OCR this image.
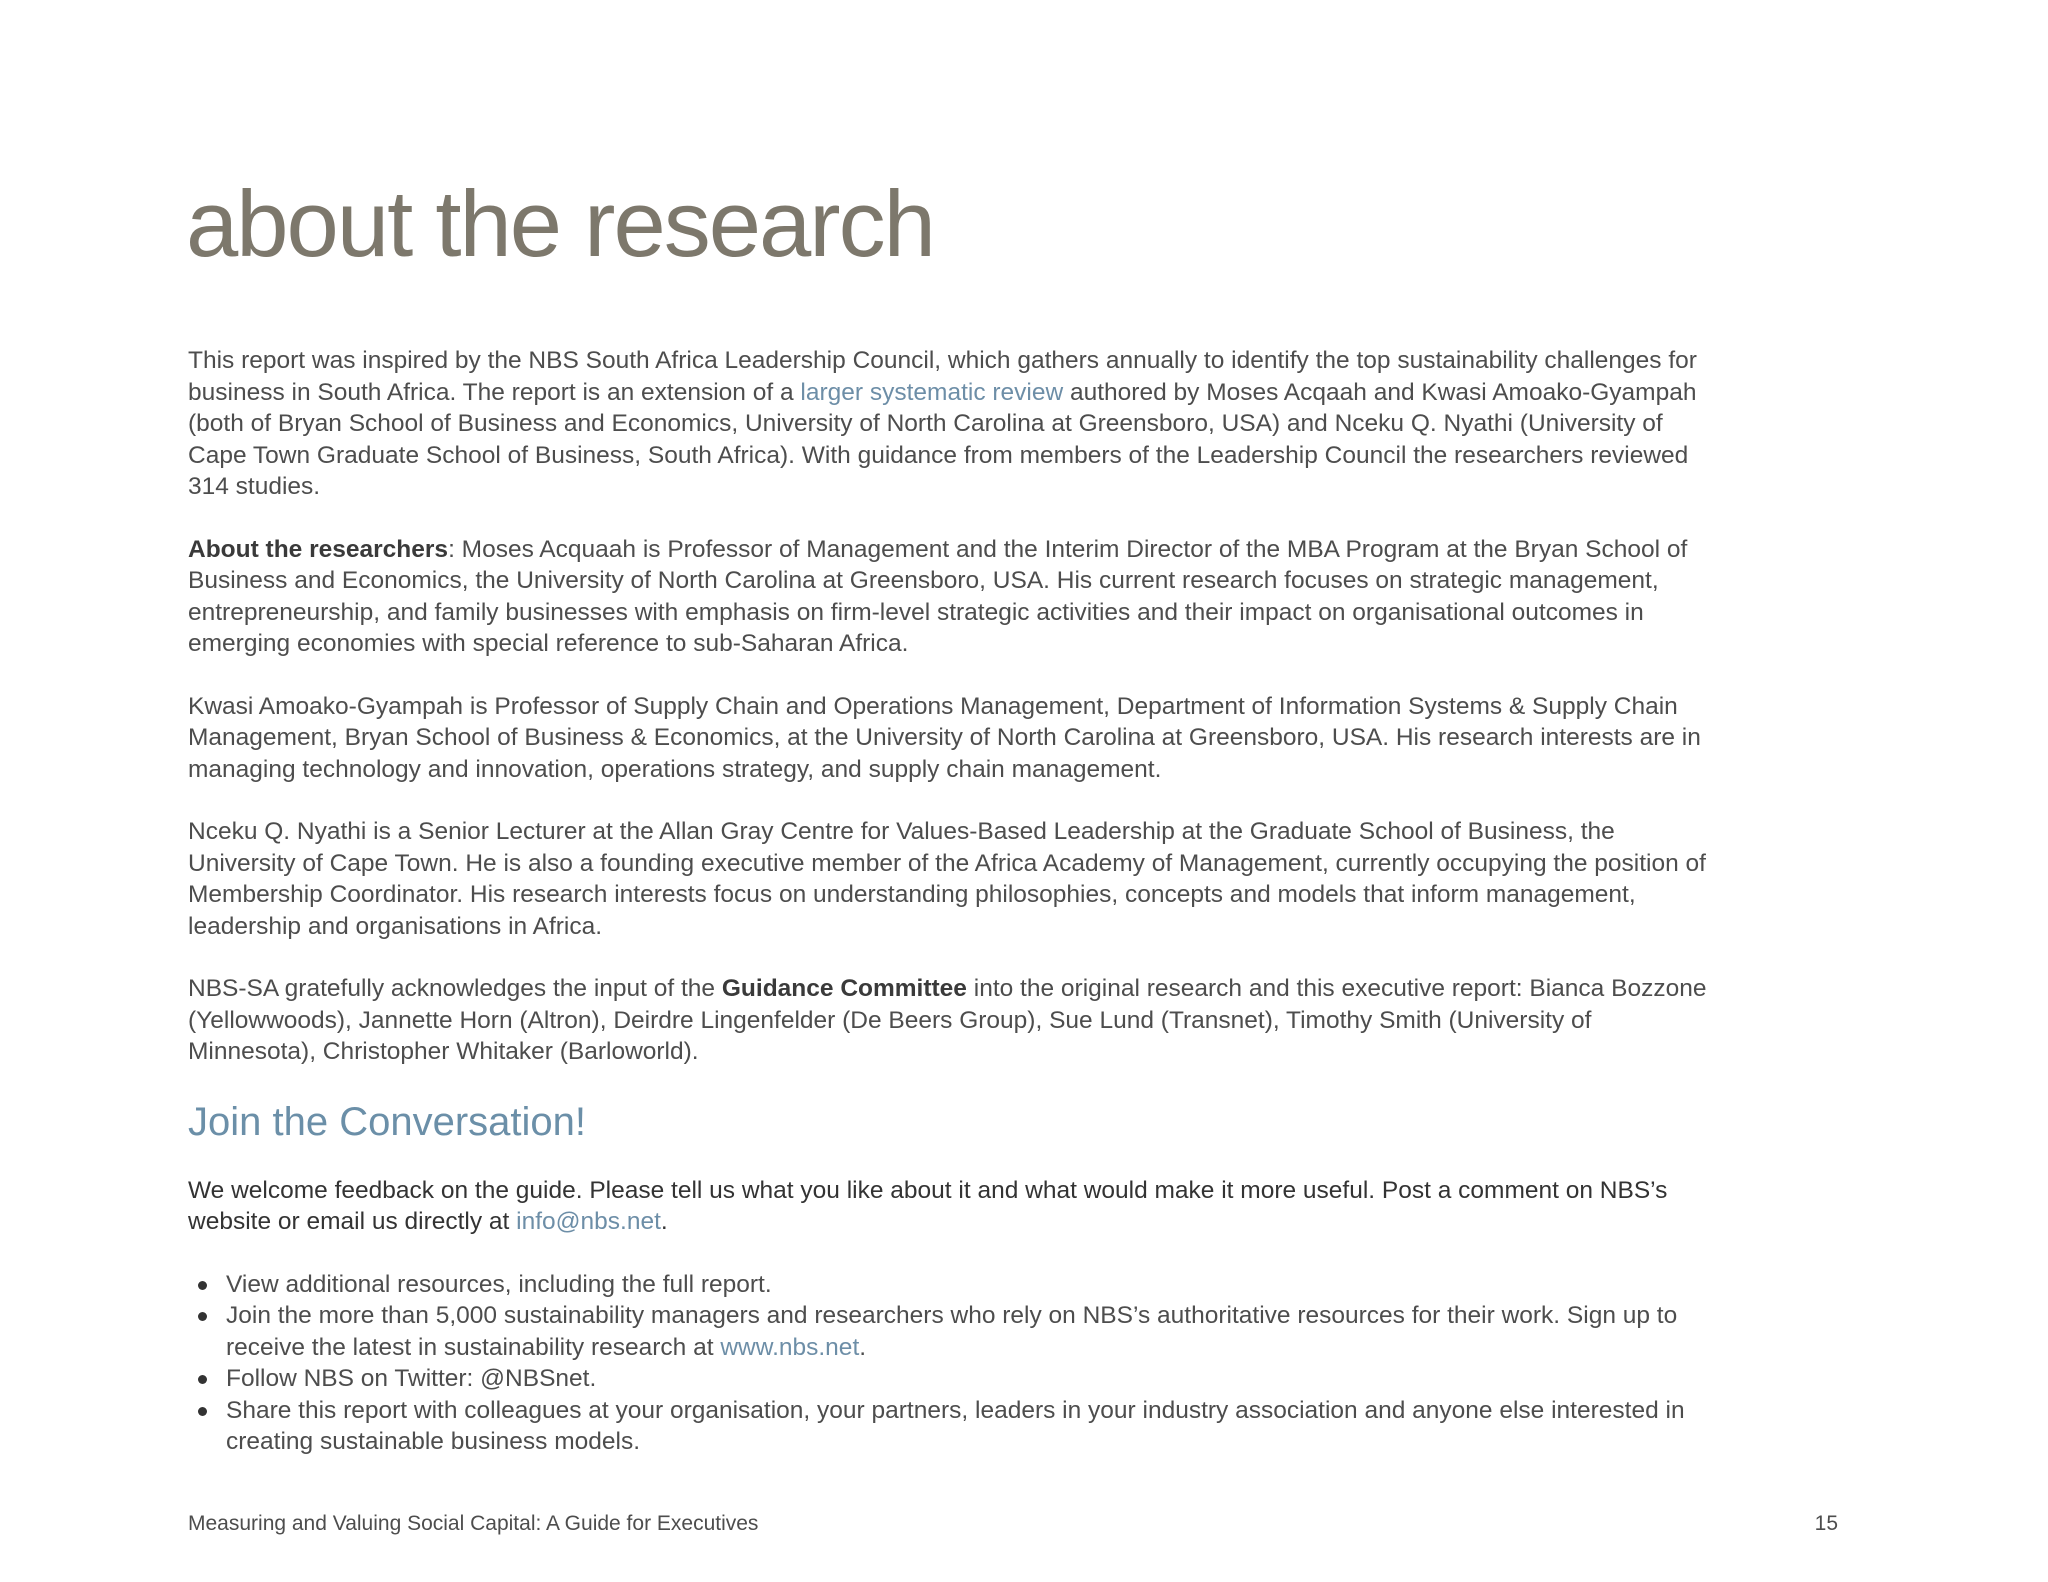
about the research

This report was inspired by the NBS South Africa Leadership Council, which gathers annually to identify the top sustainability challenges for business in South Africa. The report is an extension of a larger systematic review authored by Moses Acqaah and Kwasi Amoako-Gyampah (both of Bryan School of Business and Economics, University of North Carolina at Greensboro, USA) and Nceku Q. Nyathi (University of Cape Town Graduate School of Business, South Africa). With guidance from members of the Leadership Council the researchers reviewed 314 studies.

About the researchers: Moses Acquaah is Professor of Management and the Interim Director of the MBA Program at the Bryan School of Business and Economics, the University of North Carolina at Greensboro, USA. His current research focuses on strategic management, entrepreneurship, and family businesses with emphasis on firm-level strategic activities and their impact on organisational outcomes in emerging economies with special reference to sub-Saharan Africa.

Kwasi Amoako-Gyampah is Professor of Supply Chain and Operations Management, Department of Information Systems & Supply Chain Management, Bryan School of Business & Economics, at the University of North Carolina at Greensboro, USA. His research interests are in managing technology and innovation, operations strategy, and supply chain management.

Nceku Q. Nyathi is a Senior Lecturer at the Allan Gray Centre for Values-Based Leadership at the Graduate School of Business, the University of Cape Town. He is also a founding executive member of the Africa Academy of Management, currently occupying the position of Membership Coordinator. His research interests focus on understanding philosophies, concepts and models that inform management, leadership and organisations in Africa.

NBS-SA gratefully acknowledges the input of the Guidance Committee into the original research and this executive report: Bianca Bozzone (Yellowwoods), Jannette Horn (Altron), Deirdre Lingenfelder (De Beers Group), Sue Lund (Transnet), Timothy Smith (University of Minnesota), Christopher Whitaker (Barloworld).

Join the Conversation!

We welcome feedback on the guide. Please tell us what you like about it and what would make it more useful. Post a comment on NBS’s website or email us directly at info@nbs.net.

View additional resources, including the full report.
Join the more than 5,000 sustainability managers and researchers who rely on NBS’s authoritative resources for their work. Sign up to receive the latest in sustainability research at www.nbs.net.
Follow NBS on Twitter: @NBSnet.
Share this report with colleagues at your organisation, your partners, leaders in your industry association and anyone else interested in creating sustainable business models.
Measuring and Valuing Social Capital: A Guide for Executives	15
